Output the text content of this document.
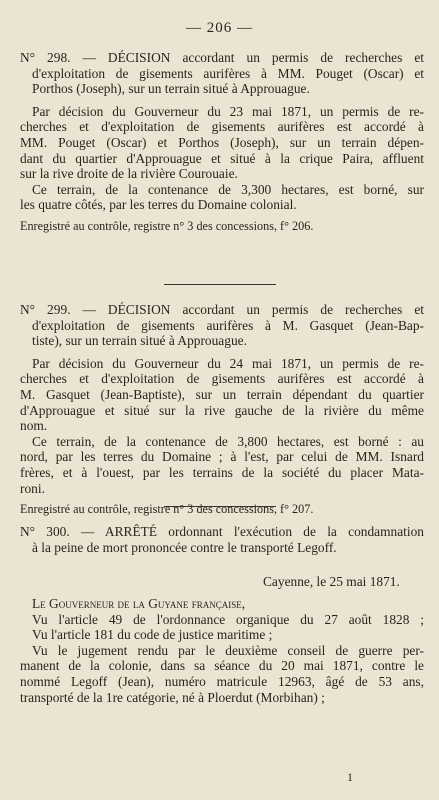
— 206 —
N° 298. — DÉCISION accordant un permis de recherches et
d'exploitation de gisements aurifères à MM. Pouget (Oscar) et
Porthos (Joseph), sur un terrain situé à Approuague.
Par décision du Gouverneur du 23 mai 1871, un permis de re-
cherches et d'exploitation de gisements aurifères est accordé à
MM. Pouget (Oscar) et Porthos (Joseph), sur un terrain dépen-
dant du quartier d'Approuague et situé à la crique Paira, affluent
sur la rive droite de la rivière Courouaie.
Ce terrain, de la contenance de 3,300 hectares, est borné, sur
les quatre côtés, par les terres du Domaine colonial.
Enregistré au contrôle, registre n° 3 des concessions, f° 206.
N° 299. — DÉCISION accordant un permis de recherches et
d'exploitation de gisements aurifères à M. Gasquet (Jean-Bap-
tiste), sur un terrain situé à Approuague.
Par décision du Gouverneur du 24 mai 1871, un permis de re-
cherches et d'exploitation de gisements aurifères est accordé à
M. Gasquet (Jean-Baptiste), sur un terrain dépendant du quartier
d'Approuague et situé sur la rive gauche de la rivière du même
nom.
Ce terrain, de la contenance de 3,800 hectares, est borné : au
nord, par les terres du Domaine ; à l'est, par celui de MM. Isnard
frères, et à l'ouest, par les terrains de la société du placer Mata-
roni.
Enregistré au contrôle, registre n° 3 des concessions, f° 207.
N° 300. — ARRÊTÉ ordonnant l'exécution de la condamnation
à la peine de mort prononcée contre le transporté Legoff.
Cayenne, le 25 mai 1871.
Le Gouverneur de la Guyane française,
Vu l'article 49 de l'ordonnance organique du 27 août 1828 ;
Vu l'article 181 du code de justice maritime ;
Vu le jugement rendu par le deuxième conseil de guerre per-
manent de la colonie, dans sa séance du 20 mai 1871, contre le
nommé Legoff (Jean), numéro matricule 12963, âgé de 53 ans,
transporté de la 1re catégorie, né à Ploerdut (Morbihan) ;
1
